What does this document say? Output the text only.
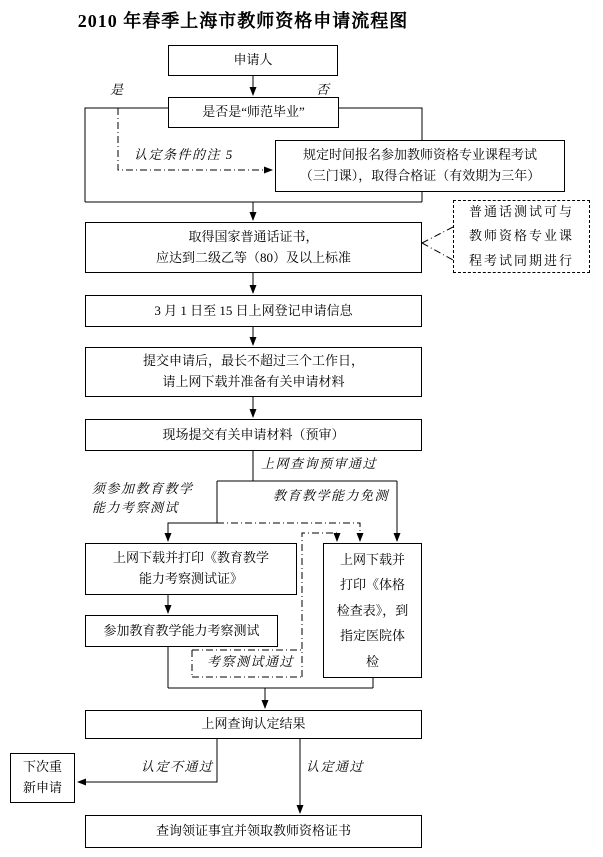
2010 年春季上海市教师资格申请流程图
申请人
是否是“师范毕业”
规定时间报名参加教师资格专业课程考试
（三门课），取得合格证（有效期为三年）
取得国家普通话证书，
应达到二级乙等（80）及以上标准
普通话测试可与
教师资格专业课
程考试同期进行
3 月 1 日至 15 日上网登记申请信息
提交申请后，最长不超过三个工作日，
请上网下载并准备有关申请材料
现场提交有关申请材料（预审）
上网下载并打印《教育教学
能力考察测试证》
参加教育教学能力考察测试
上网下载并
打印《体格
检查表》，到
指定医院体
检
上网查询认定结果
下次重
新申请
查询领证事宜并领取教师资格证书
是	否
认定条件的注 5
上网查询预审通过
须参加教育教学
能力考察测试
教育教学能力免测
考察测试通过
认定不通过	认定通过
